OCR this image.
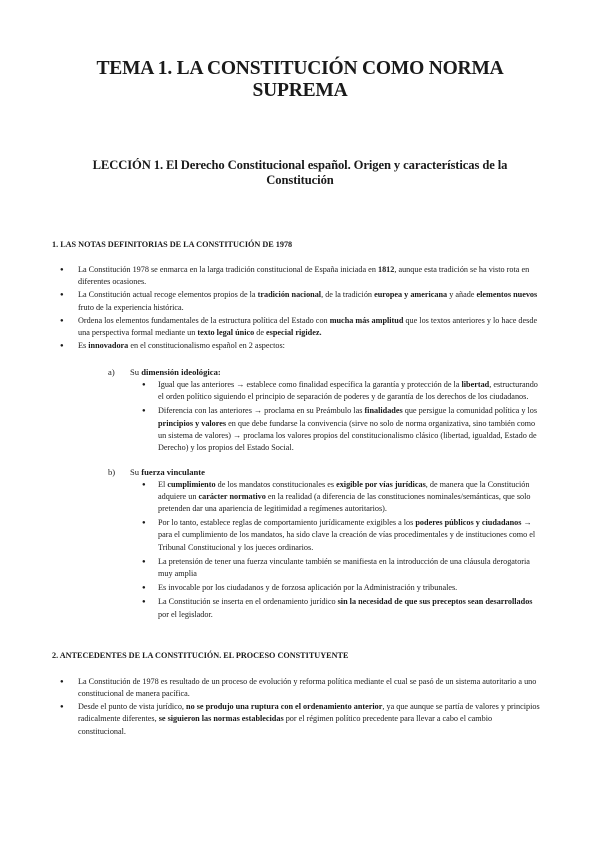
TEMA 1. LA CONSTITUCIÓN COMO NORMA SUPREMA
LECCIÓN 1. El Derecho Constitucional español. Origen y características de la Constitución
1. LAS NOTAS DEFINITORIAS DE LA CONSTITUCIÓN DE 1978
● La Constitución 1978 se enmarca en la larga tradición constitucional de España iniciada en 1812, aunque esta tradición se ha visto rota en diferentes ocasiones.
● La Constitución actual recoge elementos propios de la tradición nacional, de la tradición europea y americana y añade elementos nuevos fruto de la experiencia histórica.
● Ordena los elementos fundamentales de la estructura política del Estado con mucha más amplitud que los textos anteriores y lo hace desde una perspectiva formal mediante un texto legal único de especial rigidez.
● Es innovadora en el constitucionalismo español en 2 aspectos:
a)	Su dimensión ideológica:
● Igual que las anteriores → establece como finalidad específica la garantía y protección de la libertad, estructurando el orden político siguiendo el principio de separación de poderes y de garantía de los derechos de los ciudadanos.
● Diferencia con las anteriores → proclama en su Preámbulo las finalidades que persigue la comunidad política y los principios y valores en que debe fundarse la convivencia (sirve no solo de norma organizativa, sino también como un sistema de valores) → proclama los valores propios del constitucionalismo clásico (libertad, igualdad, Estado de Derecho) y los propios del Estado Social.
b)	Su fuerza vinculante
● El cumplimiento de los mandatos constitucionales es exigible por vías jurídicas, de manera que la Constitución adquiere un carácter normativo en la realidad (a diferencia de las constituciones nominales/semánticas, que solo pretenden dar una apariencia de legitimidad a regímenes autoritarios).
● Por lo tanto, establece reglas de comportamiento jurídicamente exigibles a los poderes públicos y ciudadanos → para el cumplimiento de los mandatos, ha sido clave la creación de vías procedimentales y de instituciones como el Tribunal Constitucional y los jueces ordinarios.
● La pretensión de tener una fuerza vinculante también se manifiesta en la introducción de una cláusula derogatoria muy amplia
● Es invocable por los ciudadanos y de forzosa aplicación por la Administración y tribunales.
● La Constitución se inserta en el ordenamiento jurídico sin la necesidad de que sus preceptos sean desarrollados por el legislador.
2. ANTECEDENTES DE LA CONSTITUCIÓN. EL PROCESO CONSTITUYENTE
● La Constitución de 1978 es resultado de un proceso de evolución y reforma política mediante el cual se pasó de un sistema autoritario a uno constitucional de manera pacífica.
● Desde el punto de vista jurídico, no se produjo una ruptura con el ordenamiento anterior, ya que aunque se partía de valores y principios radicalmente diferentes, se siguieron las normas establecidas por el régimen político precedente para llevar a cabo el cambio constitucional.
